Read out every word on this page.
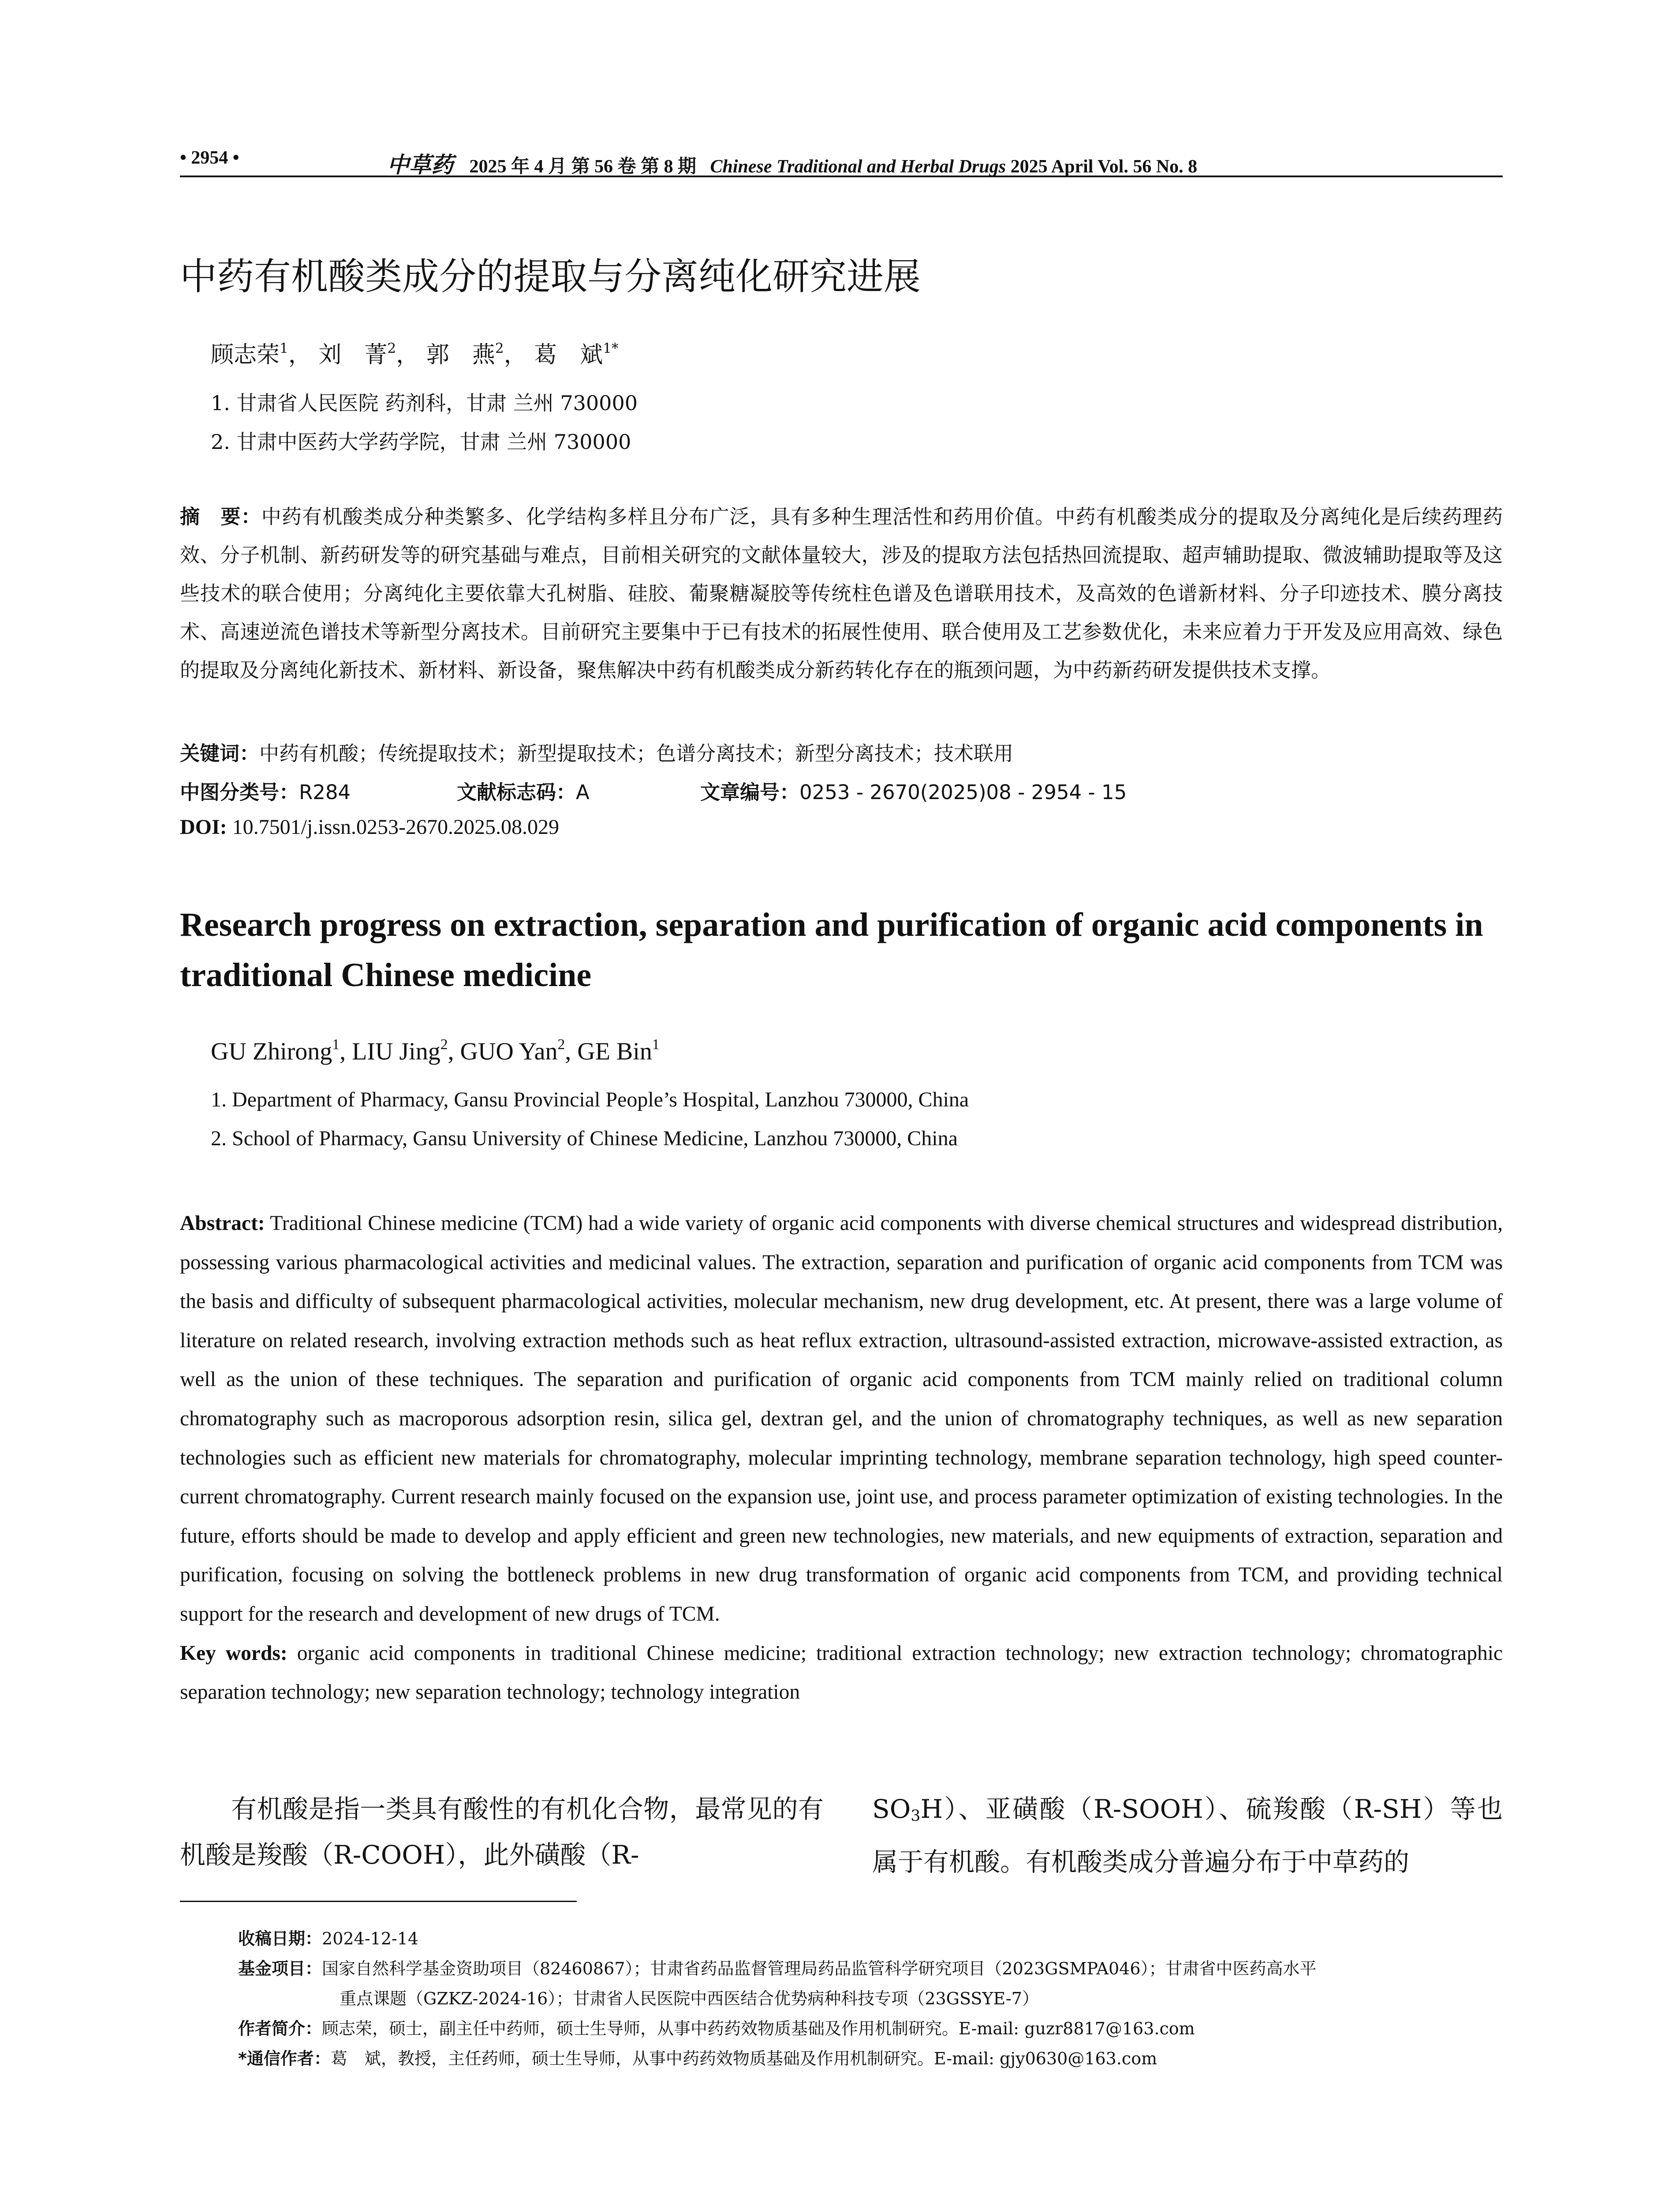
• 2954 •	中草药 2025 年 4 月 第 56 卷 第 8 期 Chinese Traditional and Herbal Drugs 2025 April Vol. 56 No. 8
中药有机酸类成分的提取与分离纯化研究进展
顾志荣$^1$， 刘　菁$^2$， 郭　燕$^2$， 葛　斌$^{1*}$
1. 甘肃省人民医院 药剂科，甘肃 兰州 730000
2. 甘肃中医药大学药学院，甘肃 兰州 730000
摘　要：中药有机酸类成分种类繁多、化学结构多样且分布广泛，具有多种生理活性和药用价值。中药有机酸类成分的提取及分离纯化是后续药理药效、分子机制、新药研发等的研究基础与难点，目前相关研究的文献体量较大，涉及的提取方法包括热回流提取、超声辅助提取、微波辅助提取等及这些技术的联合使用；分离纯化主要依靠大孔树脂、硅胶、葡聚糖凝胶等传统柱色谱及色谱联用技术，及高效的色谱新材料、分子印迹技术、膜分离技术、高速逆流色谱技术等新型分离技术。目前研究主要集中于已有技术的拓展性使用、联合使用及工艺参数优化，未来应着力于开发及应用高效、绿色的提取及分离纯化新技术、新材料、新设备，聚焦解决中药有机酸类成分新药转化存在的瓶颈问题，为中药新药研发提供技术支撑。
关键词：中药有机酸；传统提取技术；新型提取技术；色谱分离技术；新型分离技术；技术联用
中图分类号：R284	文献标志码：A	文章编号：0253 - 2670(2025)08 - 2954 - 15
DOI: 10.7501/j.issn.0253-2670.2025.08.029
Research progress on extraction, separation and purification of organic acid components in traditional Chinese medicine
GU Zhirong$^1$, LIU Jing$^2$, GUO Yan$^2$, GE Bin$^1$
1. Department of Pharmacy, Gansu Provincial People’s Hospital, Lanzhou 730000, China
2. School of Pharmacy, Gansu University of Chinese Medicine, Lanzhou 730000, China
Abstract: Traditional Chinese medicine (TCM) had a wide variety of organic acid components with diverse chemical structures and widespread distribution, possessing various pharmacological activities and medicinal values. The extraction, separation and purification of organic acid components from TCM was the basis and difficulty of subsequent pharmacological activities, molecular mechanism, new drug development, etc. At present, there was a large volume of literature on related research, involving extraction methods such as heat reflux extraction, ultrasound-assisted extraction, microwave-assisted extraction, as well as the union of these techniques. The separation and purification of organic acid components from TCM mainly relied on traditional column chromatography such as macroporous adsorption resin, silica gel, dextran gel, and the union of chromatography techniques, as well as new separation technologies such as efficient new materials for chromatography, molecular imprinting technology, membrane separation technology, high speed counter-current chromatography. Current research mainly focused on the expansion use, joint use, and process parameter optimization of existing technologies. In the future, efforts should be made to develop and apply efficient and green new technologies, new materials, and new equipments of extraction, separation and purification, focusing on solving the bottleneck problems in new drug transformation of organic acid components from TCM, and providing technical support for the research and development of new drugs of TCM.
Key words: organic acid components in traditional Chinese medicine; traditional extraction technology; new extraction technology; chromatographic separation technology; new separation technology; technology integration
有机酸是指一类具有酸性的有机化合物，最常见的有机酸是羧酸（R-COOH），此外磺酸（R-
$SO_3H$）、亚磺酸（R-SOOH）、硫羧酸（R-SH）等也属于有机酸。有机酸类成分普遍分布于中草药的
收稿日期：2024-12-14
基金项目：国家自然科学基金资助项目（82460867）；甘肃省药品监督管理局药品监管科学研究项目（2023GSMPA046）；甘肃省中医药高水平
重点课题（GZKZ-2024-16）；甘肃省人民医院中西医结合优势病种科技专项（23GSSYE-7）
作者简介：顾志荣，硕士，副主任中药师，硕士生导师，从事中药药效物质基础及作用机制研究。E-mail: guzr8817@163.com
*通信作者：葛　斌，教授，主任药师，硕士生导师，从事中药药效物质基础及作用机制研究。E-mail: gjy0630@163.com
